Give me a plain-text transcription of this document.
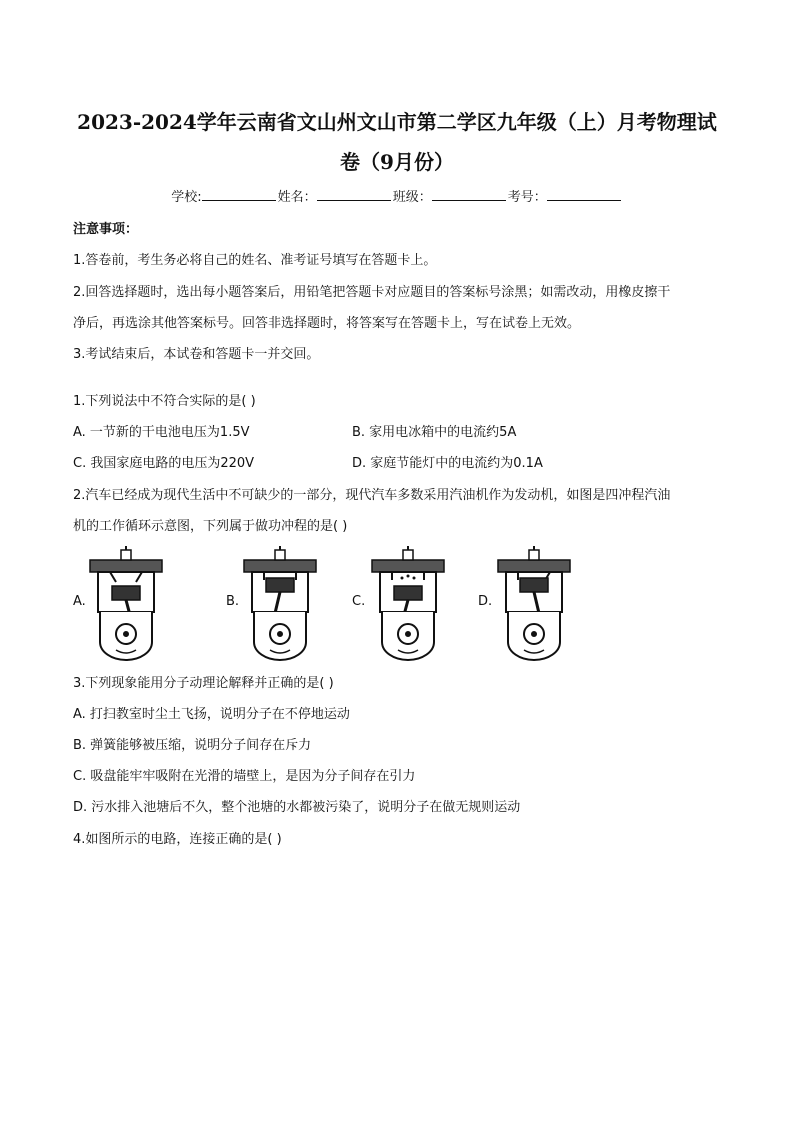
2023-2024学年云南省文山州文山市第二学区九年级（上）月考物理试
卷（9月份）
学校:	姓名：	班级：	考号：
注意事项：
1.答卷前，考生务必将自己的姓名、准考证号填写在答题卡上。
2.回答选择题时，选出每小题答案后，用铅笔把答题卡对应题目的答案标号涂黑；如需改动，用橡皮擦干
净后，再选涂其他答案标号。回答非选择题时，将答案写在答题卡上，写在试卷上无效。
3.考试结束后，本试卷和答题卡一并交回。
1.下列说法中不符合实际的是( )
A. 一节新的干电池电压为1.5V	B. 家用电冰箱中的电流约5A
C. 我国家庭电路的电压为220V	D. 家庭节能灯中的电流约为0.1A
2.汽车已经成为现代生活中不可缺少的一部分，现代汽车多数采用汽油机作为发动机，如图是四冲程汽油
机的工作循环示意图，下列属于做功冲程的是( )
A.	B.	C.	D.
3.下列现象能用分子动理论解释并正确的是( )
A. 打扫教室时尘土飞扬，说明分子在不停地运动
B. 弹簧能够被压缩，说明分子间存在斥力
C. 吸盘能牢牢吸附在光滑的墙壁上，是因为分子间存在引力
D. 污水排入池塘后不久，整个池塘的水都被污染了，说明分子在做无规则运动
4.如图所示的电路，连接正确的是( )
